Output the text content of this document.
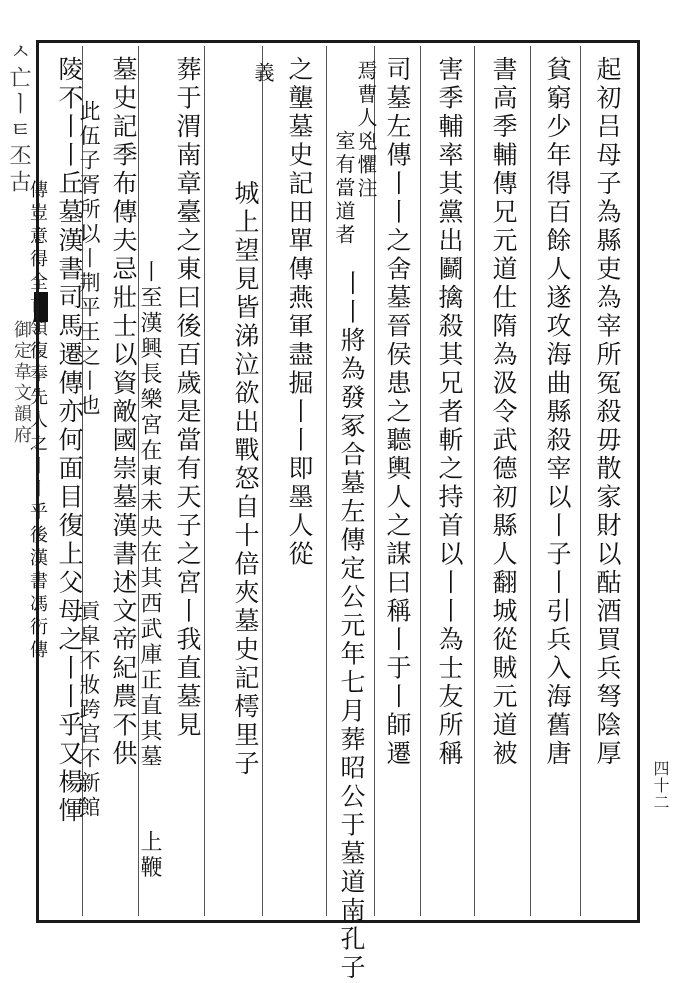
ㅅ亡ㅣㅌ丕古
御定韋文韻府	起初吕母子為縣吏為宰所冤殺毋散家財以酤酒買兵弩陰厚
貧窮少年得百餘人遂攻海曲縣殺宰以丨子丨引兵入海舊唐
書高季輔傳兄元道仕隋為汲令武德初縣人翻城從賊元道被
害季輔率其黨出鬬擒殺其兄者斬之持首以丨丨為士友所稱
司墓左傳丨丨之舍墓晉侯患之聽輿人之謀曰稱丨于丨師遷
焉曹人兇懼注
室有當道者
丨丨將為發冢合墓左傳定公元年七月葬昭公于墓道南孔子
之壟墓史記田單傳燕軍盡掘丨丨即墨人從
義
城上望見皆涕泣欲出戰怒自十倍夾墓史記樗里子
葬于渭南章臺之東曰後百歲是當有天子之宮丨我直墓見
丨至漢興長樂宮在東未央在其西武庫正直其墓
上鞭
墓史記季布傳夫忌壯士以資敵國崇墓漢書述文帝紀農不供
此伍子胥所以丨荆平王之丨也
貢皐不妝跨宫不新館
陵不丨丨丘墓漢書司馬遷傳亦何面目復上父母之丨丨乎又楊惲
傳豈意得全首領復奉先人之丨丨乎後漢書馮衍傳
四十二
